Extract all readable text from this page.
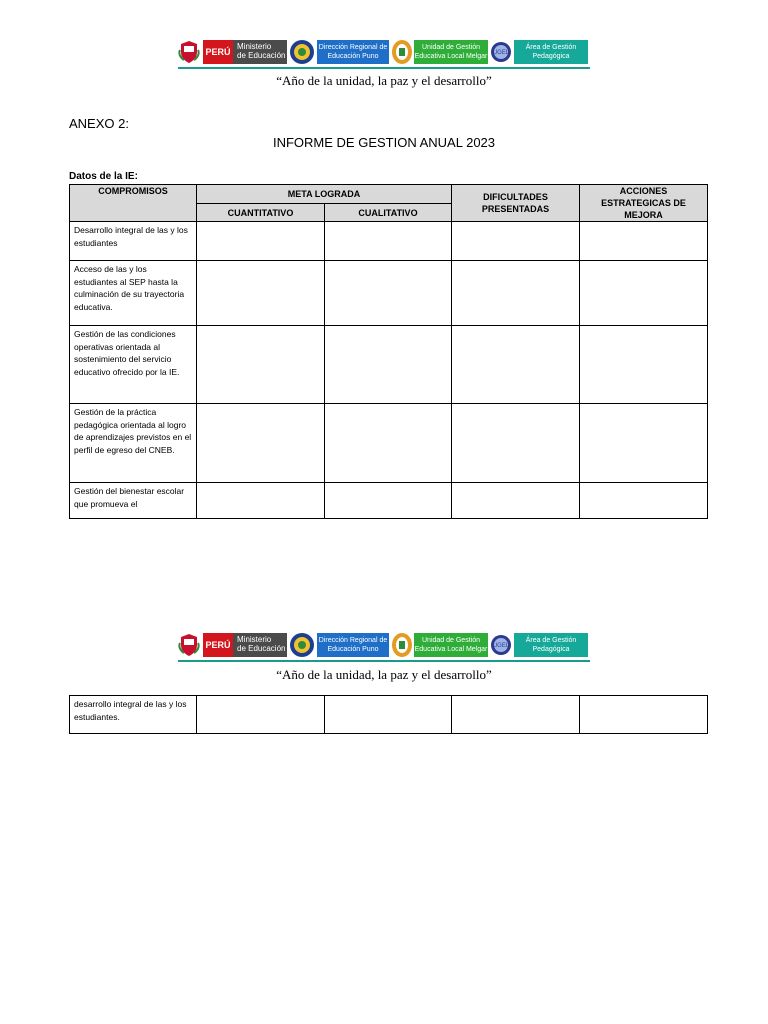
PERÚ
Ministerio
de Educación
Dirección Regional de
Educación Puno
Unidad de Gestión
Educativa Local Melgar UGEL
Área de Gestión
Pedagógica
“Año de la unidad, la paz y el desarrollo”
ANEXO 2:
INFORME DE GESTION ANUAL 2023
Datos de la IE:
COMPROMISOS	META LOGRADA		DIFICULTADES PRESENTADAS	ACCIONES ESTRATEGICAS DE MEJORA
	CUANTITATIVO	CUALITATIVO		
Desarrollo integral de las y los estudiantes				
Acceso de las y los estudiantes al SEP hasta la culminación de su trayectoria educativa.				
Gestión de las condiciones operativas orientada al sostenimiento del servicio educativo ofrecido por la IE.				
Gestión de la práctica pedagógica orientada al logro de aprendizajes previstos en el perfil de egreso del CNEB.				
Gestión del bienestar escolar que promueva el				
PERÚ
Ministerio
de Educación
Dirección Regional de
Educación Puno
Unidad de Gestión
Educativa Local Melgar UGEL
Área de Gestión
Pedagógica
“Año de la unidad, la paz y el desarrollo”
desarrollo integral de las y los estudiantes.				
